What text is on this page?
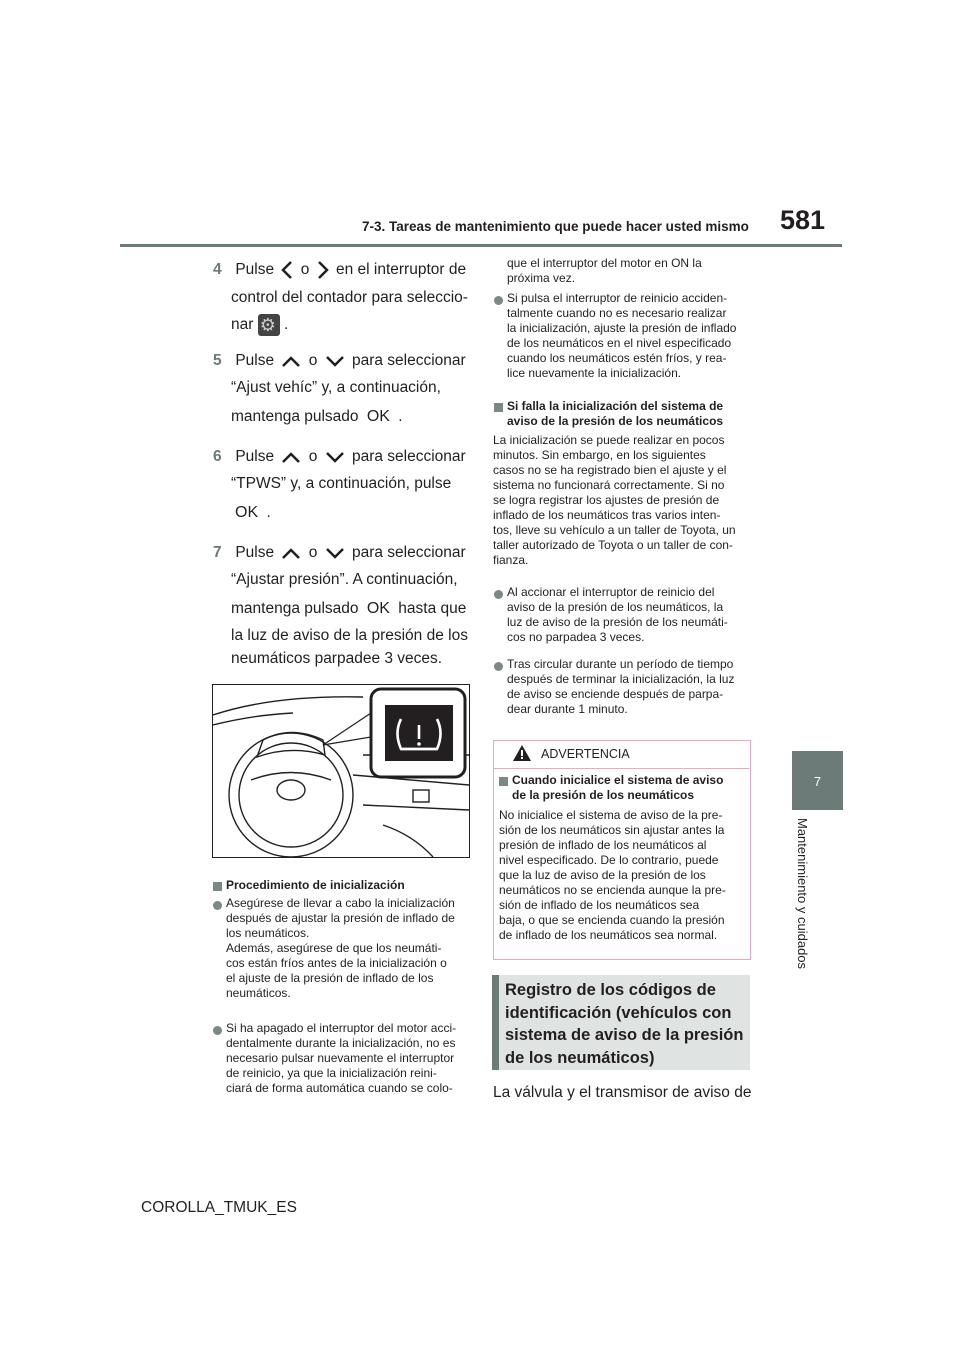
7-3. Tareas de mantenimiento que puede hacer usted mismo 581
7
Mantenimiento y cuidados
4 Pulse o en el interruptor de
control del contador para seleccio-
nar ⚙ .
5 Pulse o para seleccionar
“Ajust vehíc” y, a continuación,
mantenga pulsado OK .
6 Pulse o para seleccionar
“TPWS” y, a continuación, pulse
OK .
7 Pulse o para seleccionar
“Ajustar presión”. A continuación,
mantenga pulsado OK hasta que
la luz de aviso de la presión de los
neumáticos parpadee 3 veces.
Procedimiento de inicialización
Asegúrese de llevar a cabo la inicialización
después de ajustar la presión de inflado de
los neumáticos.
Además, asegúrese de que los neumáti-
cos están fríos antes de la inicialización o
el ajuste de la presión de inflado de los
neumáticos.
Si ha apagado el interruptor del motor acci-
dentalmente durante la inicialización, no es
necesario pulsar nuevamente el interruptor
de reinicio, ya que la inicialización reini-
ciará de forma automática cuando se colo-
que el interruptor del motor en ON la
próxima vez.
Si pulsa el interruptor de reinicio acciden-
talmente cuando no es necesario realizar
la inicialización, ajuste la presión de inflado
de los neumáticos en el nivel especificado
cuando los neumáticos estén fríos, y rea-
lice nuevamente la inicialización.
Si falla la inicialización del sistema de
aviso de la presión de los neumáticos
La inicialización se puede realizar en pocos
minutos. Sin embargo, en los siguientes
casos no se ha registrado bien el ajuste y el
sistema no funcionará correctamente. Si no
se logra registrar los ajustes de presión de
inflado de los neumáticos tras varios inten-
tos, lleve su vehículo a un taller de Toyota, un
taller autorizado de Toyota o un taller de con-
fianza.
Al accionar el interruptor de reinicio del
aviso de la presión de los neumáticos, la
luz de aviso de la presión de los neumáti-
cos no parpadea 3 veces.
Tras circular durante un período de tiempo
después de terminar la inicialización, la luz
de aviso se enciende después de parpa-
dear durante 1 minuto.
ADVERTENCIA
Cuando inicialice el sistema de aviso
de la presión de los neumáticos
No inicialice el sistema de aviso de la pre-
sión de los neumáticos sin ajustar antes la
presión de inflado de los neumáticos al
nivel especificado. De lo contrario, puede
que la luz de aviso de la presión de los
neumáticos no se encienda aunque la pre-
sión de inflado de los neumáticos sea
baja, o que se encienda cuando la presión
de inflado de los neumáticos sea normal.
Registro de los códigos de
identificación (vehículos con
sistema de aviso de la presión
de los neumáticos)
La válvula y el transmisor de aviso de
COROLLA_TMUK_ES
